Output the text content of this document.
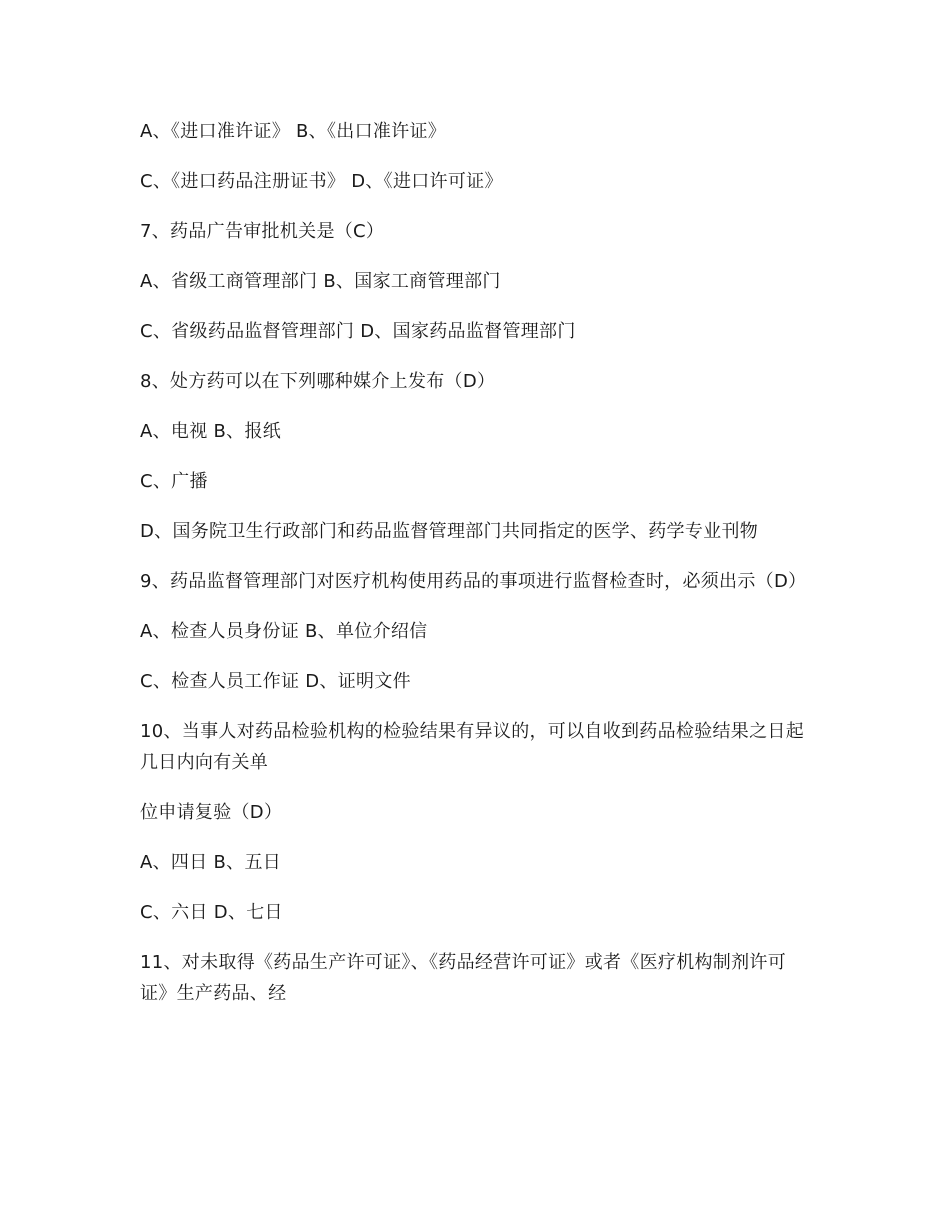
A、《进口准许证》 B、《出口准许证》

C、《进口药品注册证书》 D、《进口许可证》

7、药品广告审批机关是（C）

A、省级工商管理部门 B、国家工商管理部门

C、省级药品监督管理部门 D、国家药品监督管理部门

8、处方药可以在下列哪种媒介上发布（D）

A、电视 B、报纸

C、广播

D、国务院卫生行政部门和药品监督管理部门共同指定的医学、药学专业刊物

9、药品监督管理部门对医疗机构使用药品的事项进行监督检查时，必须出示（D）

A、检查人员身份证 B、单位介绍信

C、检查人员工作证 D、证明文件

10、当事人对药品检验机构的检验结果有异议的，可以自收到药品检验结果之日起几日内向有关单

位申请复验（D）

A、四日 B、五日

C、六日 D、七日

11、对未取得《药品生产许可证》、《药品经营许可证》或者《医疗机构制剂许可证》生产药品、经
